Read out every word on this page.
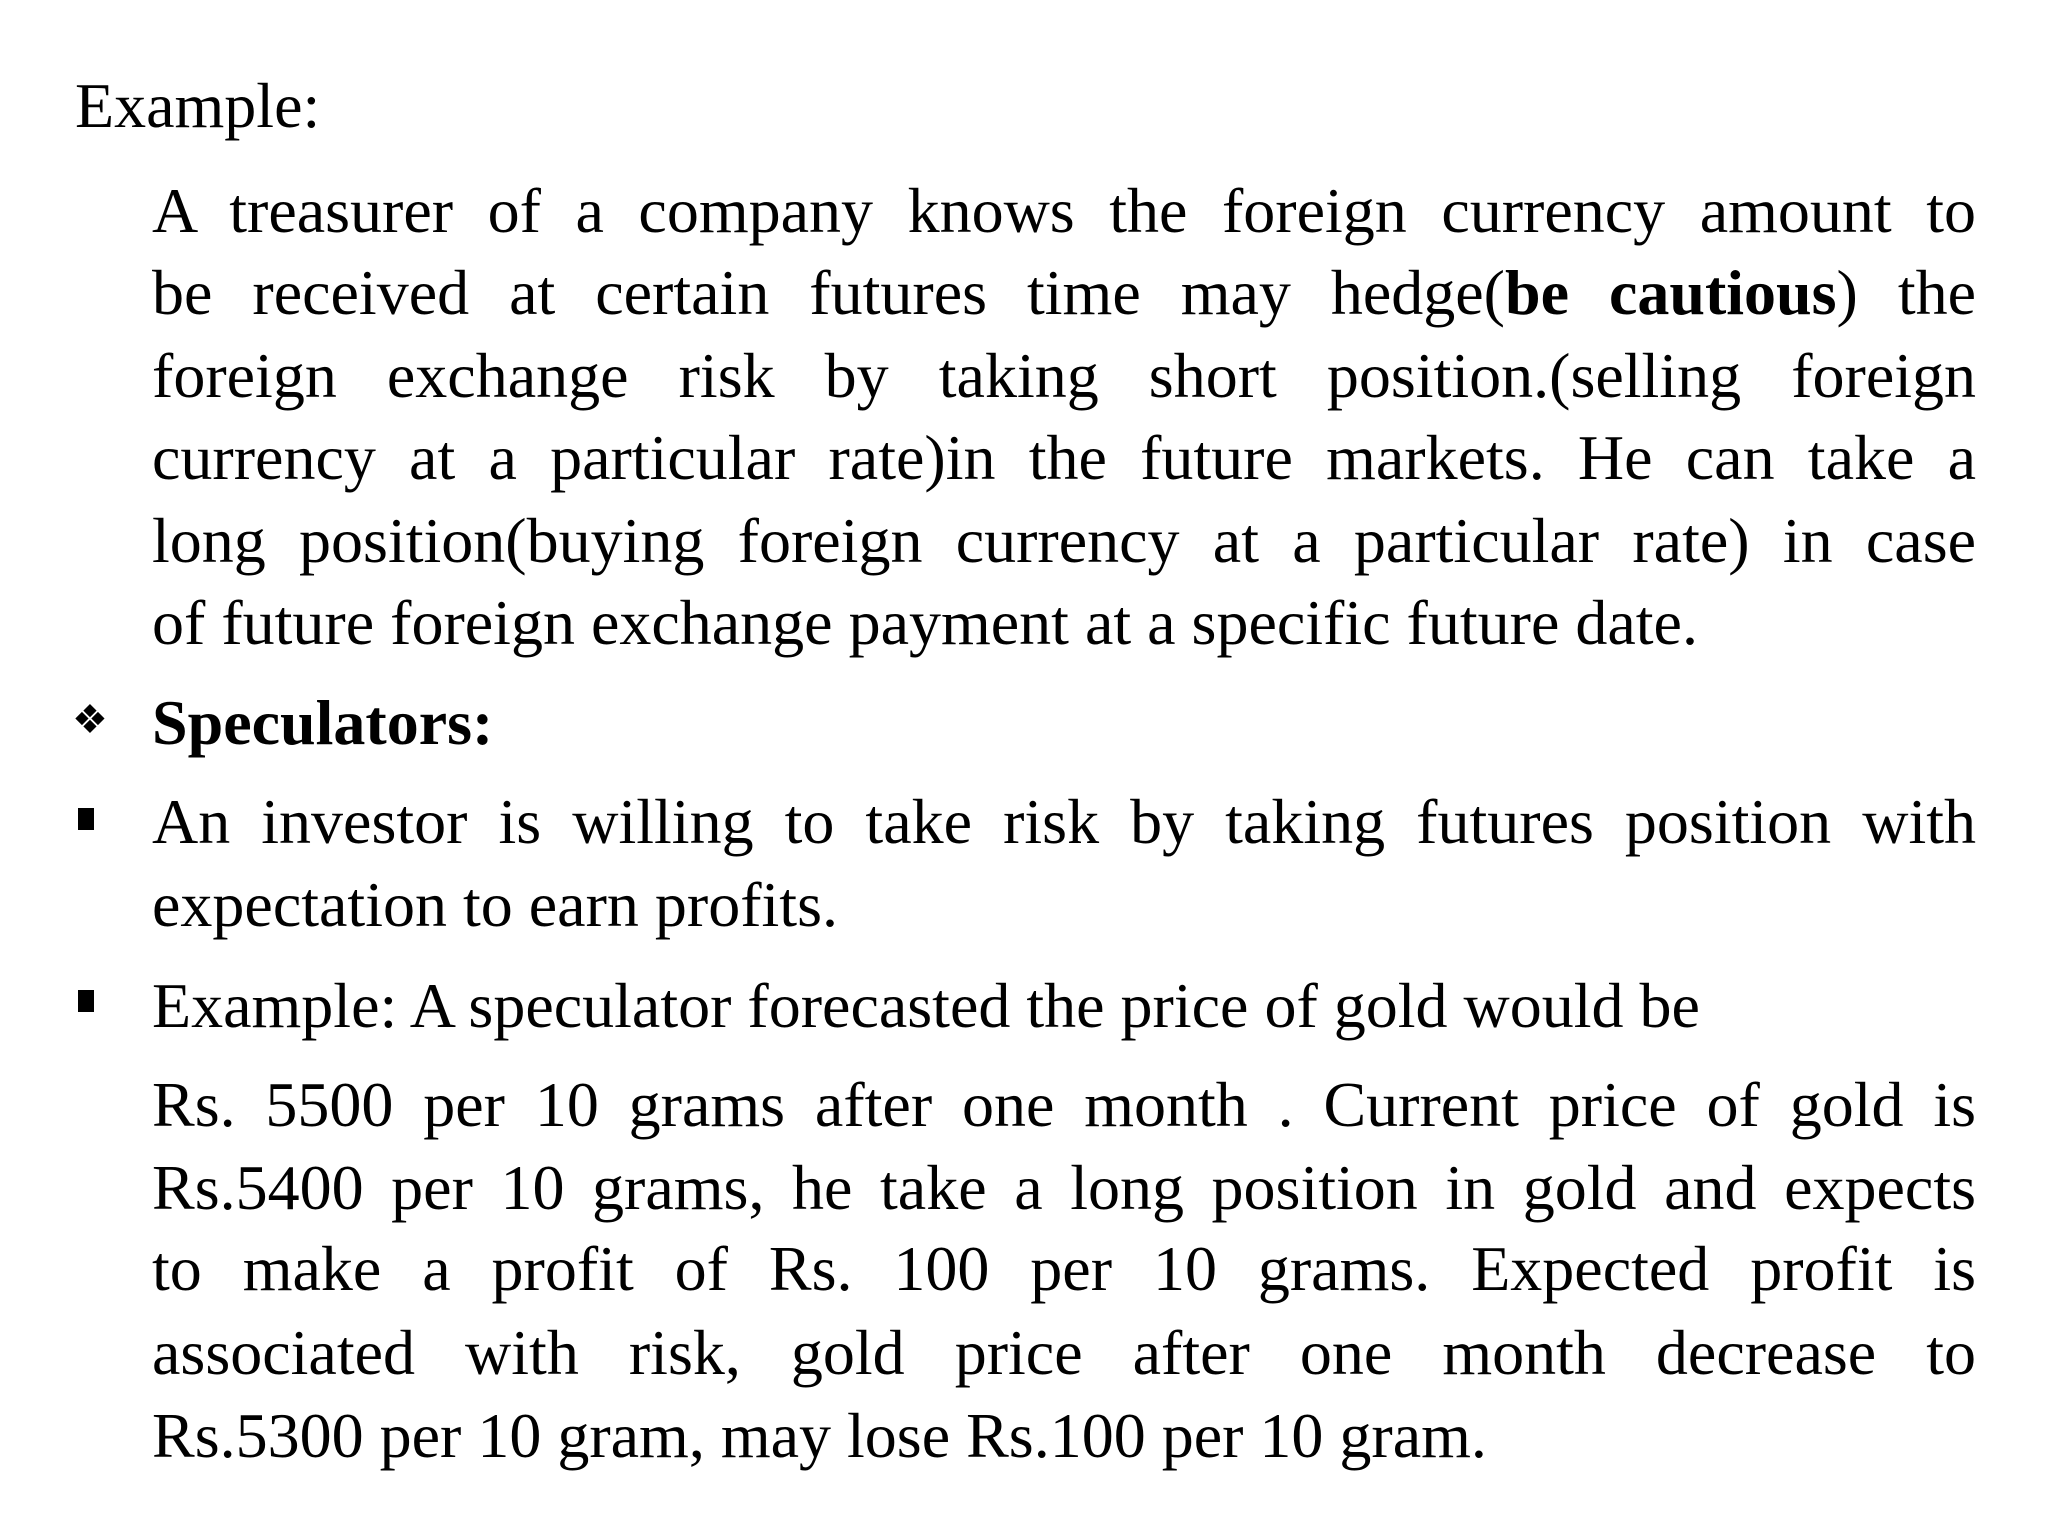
Example:
A treasurer of a company knows the foreign currency amount to
be received at certain futures time may hedge(be cautious) the
foreign exchange risk by taking short position.(selling foreign
currency at a particular rate)in the future markets. He can take a
long position(buying foreign currency at a particular rate) in case
of future foreign exchange payment at a specific future date.
❖ Speculators:
An investor is willing to take risk by taking futures position with
expectation to earn profits.
Example: A speculator forecasted the price of gold would be
Rs. 5500 per 10 grams after one month . Current price of gold is
Rs.5400 per 10 grams, he take a long position in gold and expects
to make a profit of Rs. 100 per 10 grams. Expected profit is
associated with risk, gold price after one month decrease to
Rs.5300 per 10 gram, may lose Rs.100 per 10 gram.
